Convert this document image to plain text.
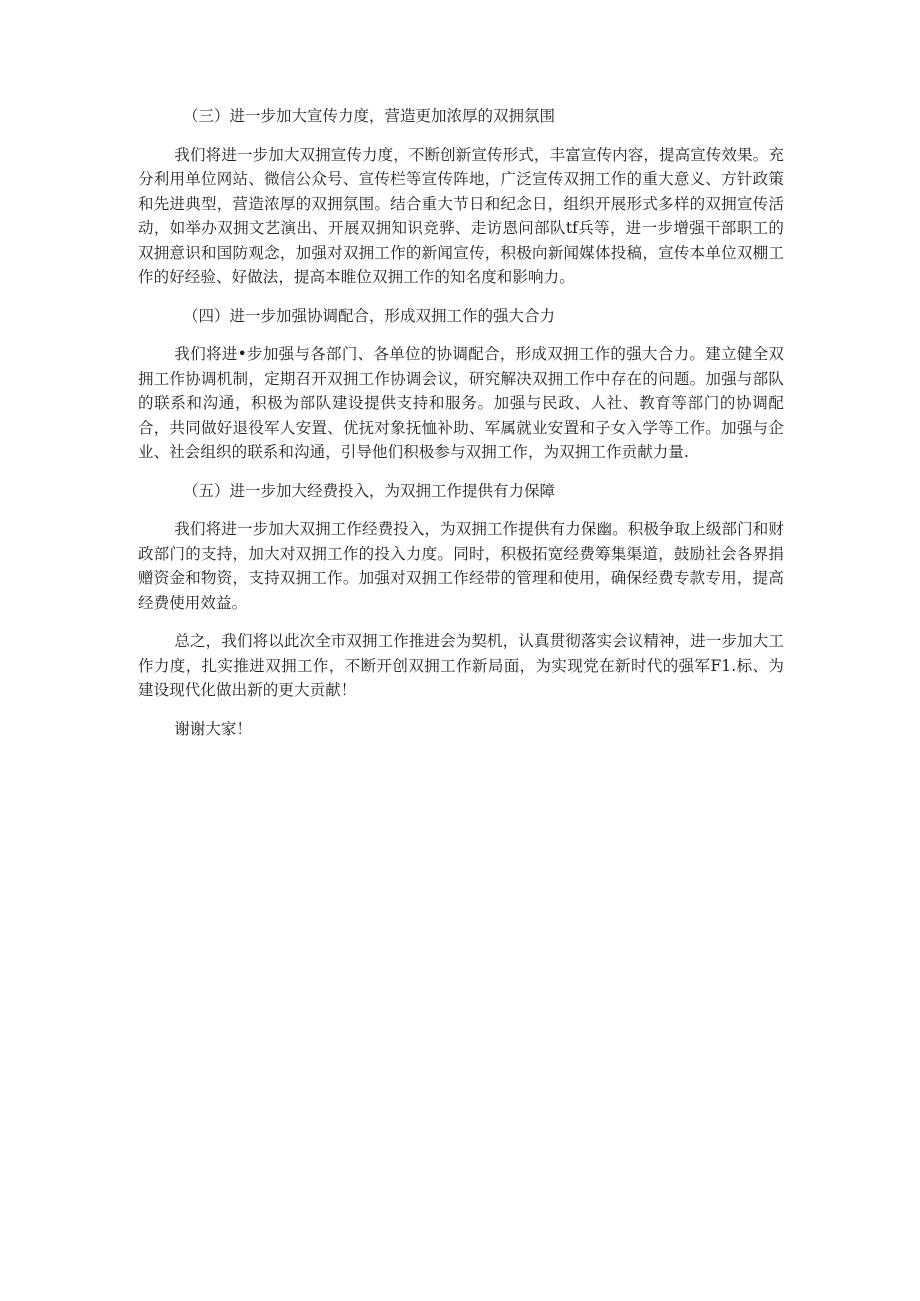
（三）进一步加大宣传力度，营造更加浓厚的双拥氛围

我们将进一步加大双拥宣传力度，不断创新宣传形式，丰富宣传内容，提高宣传效果。充分利用单位网站、微信公众号、宣传栏等宣传阵地，广泛宣传双拥工作的重大意义、方针政策和先进典型，营造浓厚的双拥氛围。结合重大节日和纪念日，组织开展形式多样的双拥宣传活动，如举办双拥文艺演出、开展双拥知识竞骅、走访恩问部队tf兵等，进一步增强干部职工的双拥意识和国防观念，加强对双拥工作的新闻宣传，积极向新闻媒体投稿，宣传本单位双棚工作的好经验、好做法，提高本睢位双拥工作的知名度和影响力。

（四）进一步加强协调配合，形成双拥工作的强大合力

我们将进•步加强与各部门、各单位的协调配合，形成双拥工作的强大合力。建立健全双拥工作协调机制，定期召开双拥工作协调会议，研究解决双拥工作中存在的问题。加强与部队的联系和沟通，积极为部队建设提供支持和服务。加强与民政、人社、教育等部门的协调配合，共同做好退役军人安置、优抚对象抚恤补助、军属就业安置和子女入学等工作。加强与企业、社会组织的联系和沟通，引导他们积极参与双拥工作，为双拥工作贡献力量.

（五）进一步加大经费投入，为双拥工作提供有力保障

我们将进一步加大双拥工作经费投入，为双拥工作提供有力保幽。积极争取上级部门和财政部门的支持，加大对双拥工作的投入力度。同时，积极拓宽经费筹集渠道，鼓励社会各界捐赠资金和物资，支持双拥工作。加强对双拥工作经带的管理和使用，确保经费专款专用，提高经费使用效益。

总之，我们将以此次全市双拥工作推进会为契机，认真贯彻落实会议精神，进一步加大工作力度，扎实推进双拥工作，不断开创双拥工作新局面，为实现党在新时代的强军F1.标、为建设现代化做出新的更大贡献！

谢谢大家！
